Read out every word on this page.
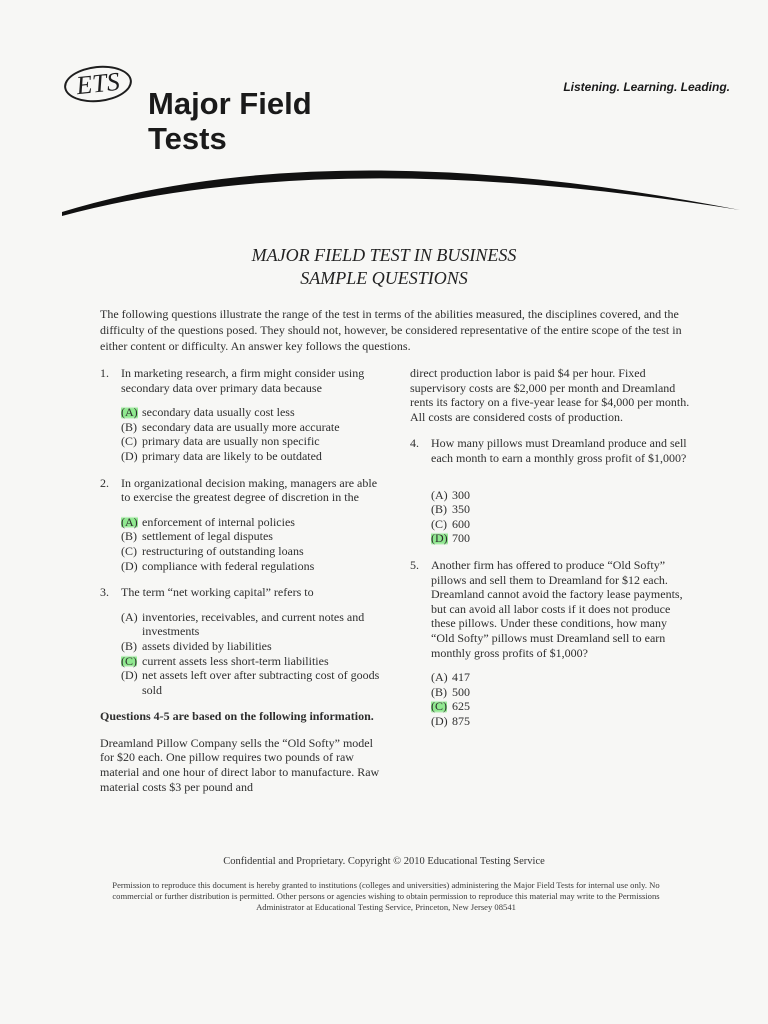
ETS
Major Field
Tests
Listening. Learning. Leading.
MAJOR FIELD TEST IN BUSINESS
SAMPLE QUESTIONS

The following questions illustrate the range of the test in terms of the abilities measured, the disciplines covered, and the difficulty of the questions posed. They should not, however, be considered representative of the entire scope of the test in either content or difficulty. An answer key follows the questions.

1. In marketing research, a firm might consider using secondary data over primary data because
(A) secondary data usually cost less
(B) secondary data are usually more accurate
(C) primary data are usually non specific
(D) primary data are likely to be outdated
2. In organizational decision making, managers are able to exercise the greatest degree of discretion in the
(A) enforcement of internal policies
(B) settlement of legal disputes
(C) restructuring of outstanding loans
(D) compliance with federal regulations
3. The term “net working capital” refers to
(A) inventories, receivables, and current notes and investments
(B) assets divided by liabilities
(C) current assets less short-term liabilities
(D) net assets left over after subtracting cost of goods sold

Questions 4-5 are based on the following information.

Dreamland Pillow Company sells the “Old Softy” model for $20 each. One pillow requires two pounds of raw material and one hour of direct labor to manufacture. Raw material costs $3 per pound and

direct production labor is paid $4 per hour. Fixed supervisory costs are $2,000 per month and Dreamland rents its factory on a five-year lease for $4,000 per month. All costs are considered costs of production.

4. How many pillows must Dreamland produce and sell each month to earn a monthly gross profit of $1,000?
(A) 300
(B) 350
(C) 600
(D) 700
5. Another firm has offered to produce “Old Softy” pillows and sell them to Dreamland for $12 each. Dreamland cannot avoid the factory lease payments, but can avoid all labor costs if it does not produce these pillows. Under these conditions, how many “Old Softy” pillows must Dreamland sell to earn monthly gross profits of $1,000?
(A) 417
(B) 500
(C) 625
(D) 875

Confidential and Proprietary. Copyright © 2010 Educational Testing Service

Permission to reproduce this document is hereby granted to institutions (colleges and universities) administering the Major Field Tests for internal use only. No commercial or further distribution is permitted. Other persons or agencies wishing to obtain permission to reproduce this material may write to the Permissions Administrator at Educational Testing Service, Princeton, New Jersey 08541
